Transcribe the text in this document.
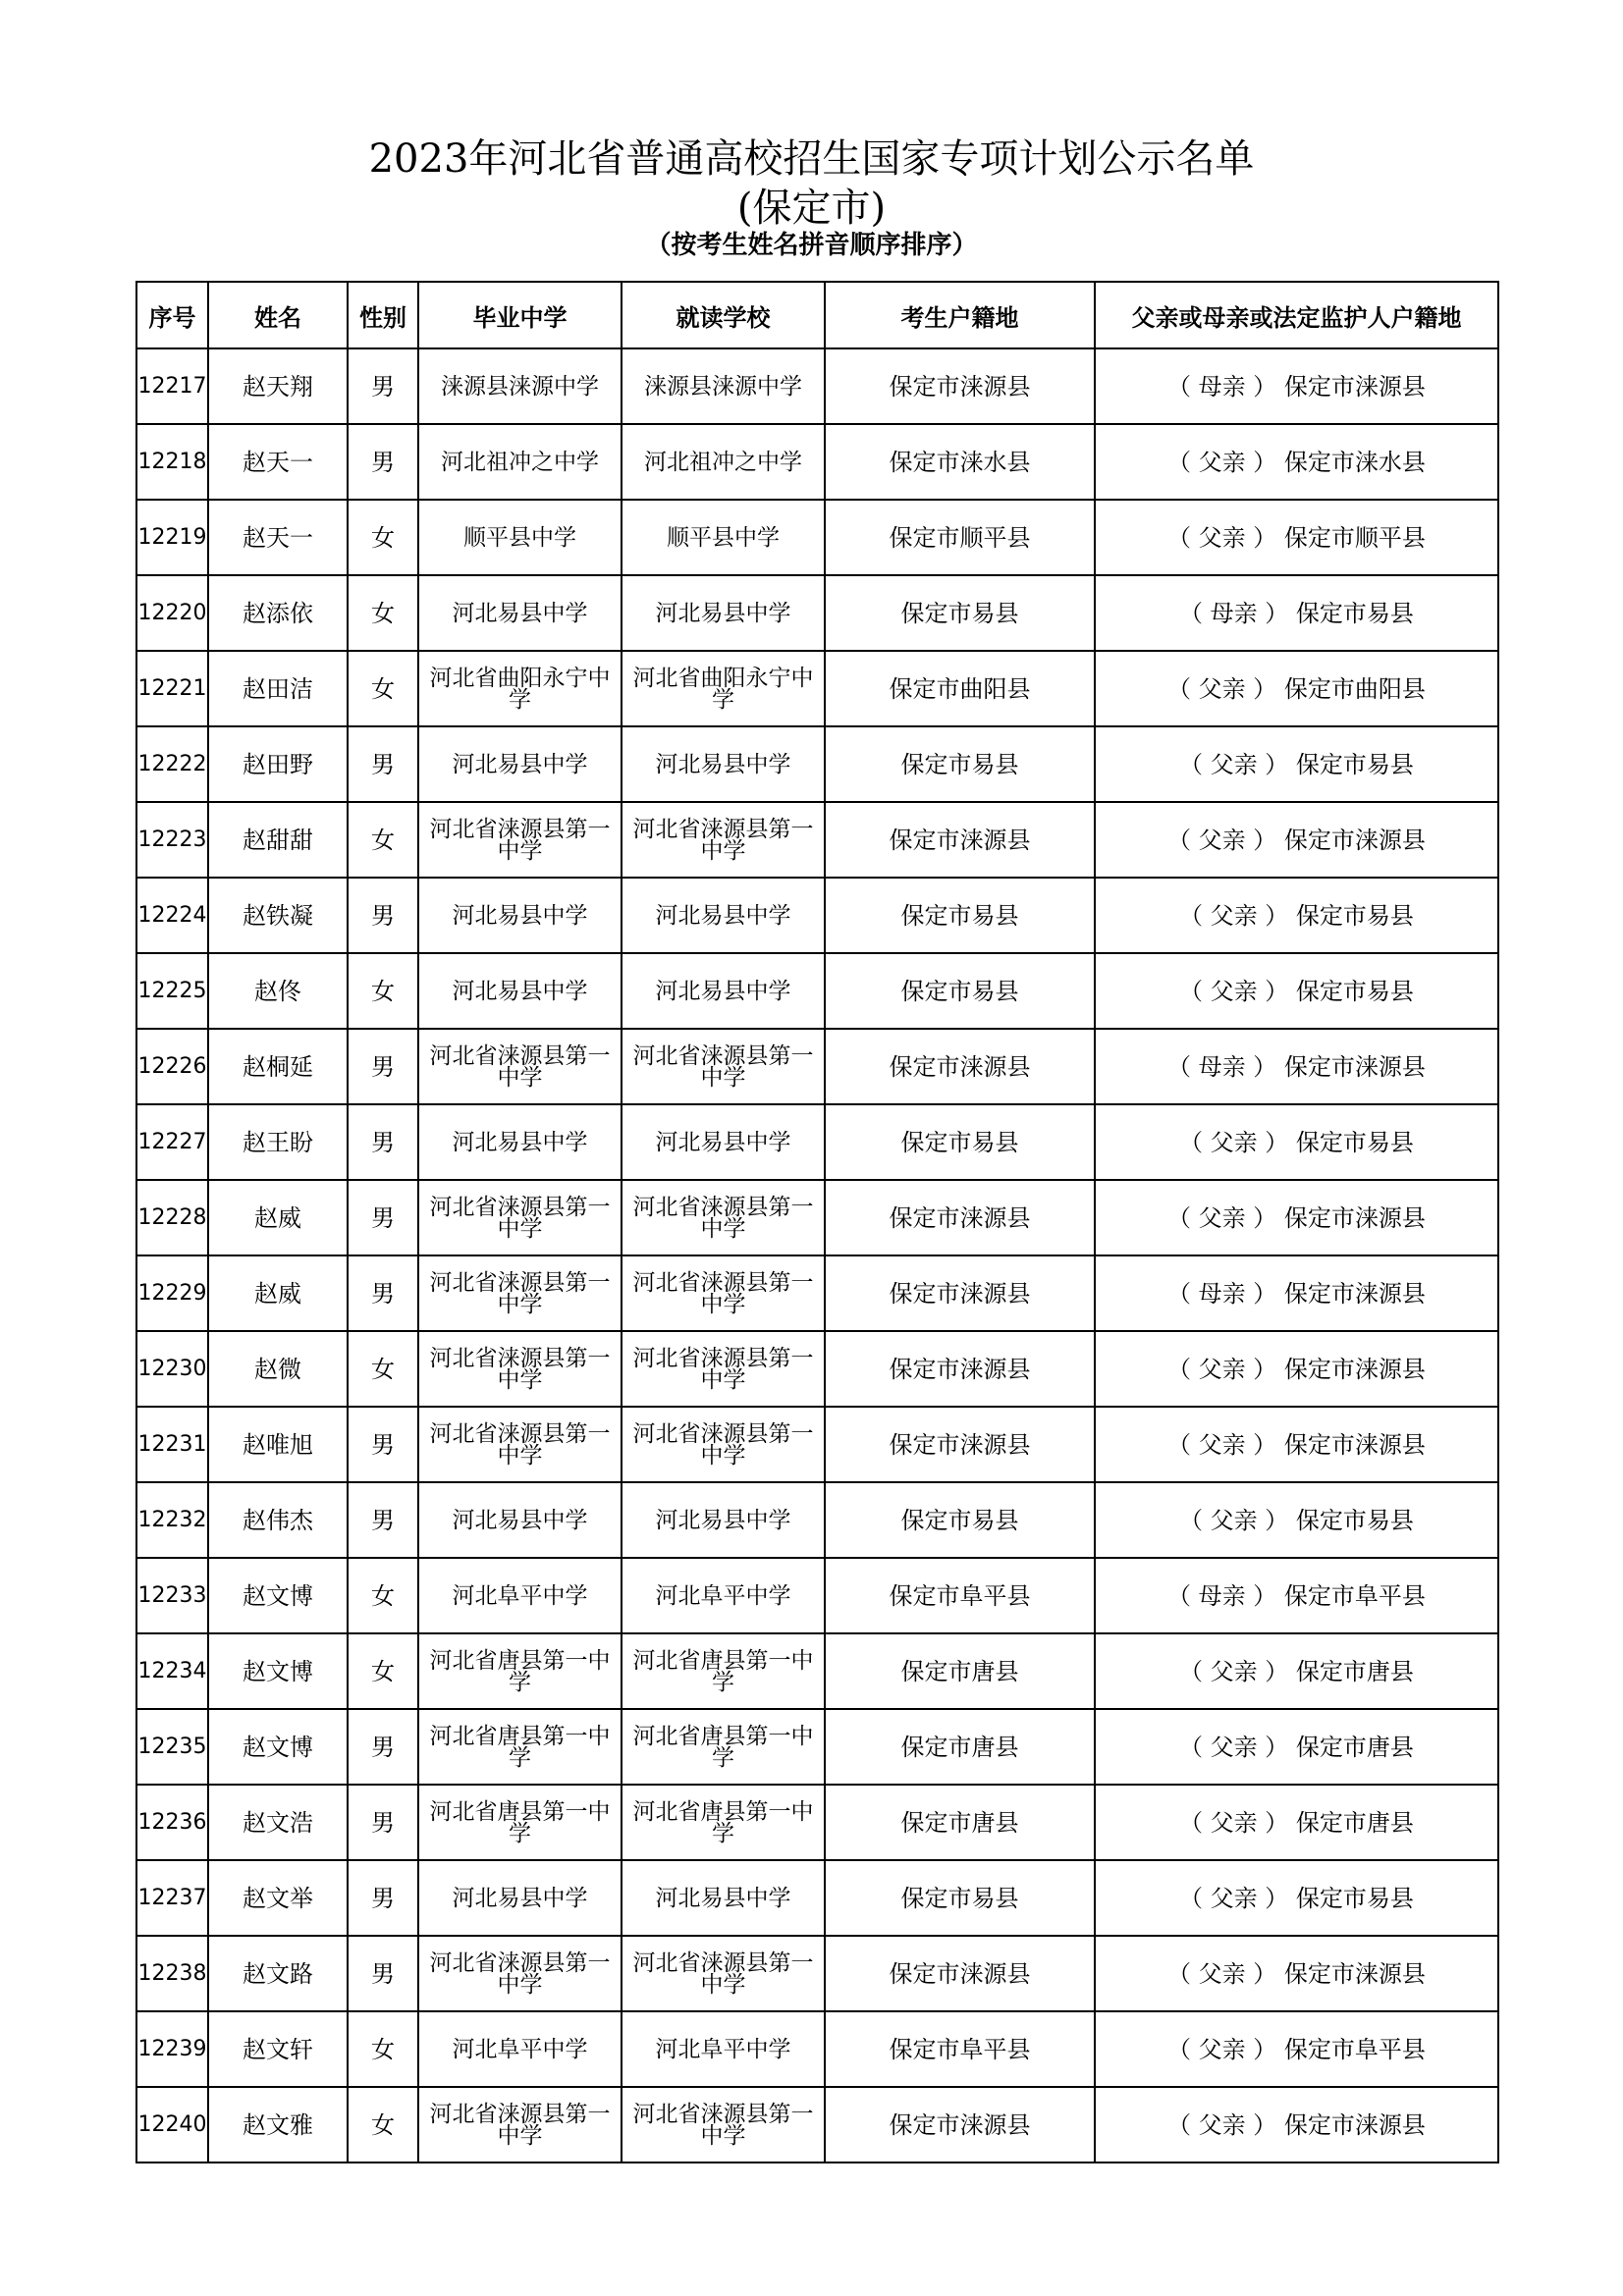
2023年河北省普通高校招生国家专项计划公示名单
(保定市)
（按考生姓名拼音顺序排序）
序号	姓名	性别	毕业中学	就读学校	考生户籍地	父亲或母亲或法定监护人户籍地
12217	赵天翔	男	涞源县涞源中学	涞源县涞源中学	保定市涞源县	（ 母亲 ） 保定市涞源县
12218	赵天一	男	河北祖冲之中学	河北祖冲之中学	保定市涞水县	（ 父亲 ） 保定市涞水县
12219	赵天一	女	顺平县中学	顺平县中学	保定市顺平县	（ 父亲 ） 保定市顺平县
12220	赵添依	女	河北易县中学	河北易县中学	保定市易县	（ 母亲 ） 保定市易县
12221	赵田洁	女	河北省曲阳永宁中学	河北省曲阳永宁中学	保定市曲阳县	（ 父亲 ） 保定市曲阳县
12222	赵田野	男	河北易县中学	河北易县中学	保定市易县	（ 父亲 ） 保定市易县
12223	赵甜甜	女	河北省涞源县第一中学	河北省涞源县第一中学	保定市涞源县	（ 父亲 ） 保定市涞源县
12224	赵铁凝	男	河北易县中学	河北易县中学	保定市易县	（ 父亲 ） 保定市易县
12225	赵佟	女	河北易县中学	河北易县中学	保定市易县	（ 父亲 ） 保定市易县
12226	赵桐延	男	河北省涞源县第一中学	河北省涞源县第一中学	保定市涞源县	（ 母亲 ） 保定市涞源县
12227	赵王盼	男	河北易县中学	河北易县中学	保定市易县	（ 父亲 ） 保定市易县
12228	赵威	男	河北省涞源县第一中学	河北省涞源县第一中学	保定市涞源县	（ 父亲 ） 保定市涞源县
12229	赵威	男	河北省涞源县第一中学	河北省涞源县第一中学	保定市涞源县	（ 母亲 ） 保定市涞源县
12230	赵微	女	河北省涞源县第一中学	河北省涞源县第一中学	保定市涞源县	（ 父亲 ） 保定市涞源县
12231	赵唯旭	男	河北省涞源县第一中学	河北省涞源县第一中学	保定市涞源县	（ 父亲 ） 保定市涞源县
12232	赵伟杰	男	河北易县中学	河北易县中学	保定市易县	（ 父亲 ） 保定市易县
12233	赵文博	女	河北阜平中学	河北阜平中学	保定市阜平县	（ 母亲 ） 保定市阜平县
12234	赵文博	女	河北省唐县第一中学	河北省唐县第一中学	保定市唐县	（ 父亲 ） 保定市唐县
12235	赵文博	男	河北省唐县第一中学	河北省唐县第一中学	保定市唐县	（ 父亲 ） 保定市唐县
12236	赵文浩	男	河北省唐县第一中学	河北省唐县第一中学	保定市唐县	（ 父亲 ） 保定市唐县
12237	赵文举	男	河北易县中学	河北易县中学	保定市易县	（ 父亲 ） 保定市易县
12238	赵文路	男	河北省涞源县第一中学	河北省涞源县第一中学	保定市涞源县	（ 父亲 ） 保定市涞源县
12239	赵文轩	女	河北阜平中学	河北阜平中学	保定市阜平县	（ 父亲 ） 保定市阜平县
12240	赵文雅	女	河北省涞源县第一中学	河北省涞源县第一中学	保定市涞源县	（ 父亲 ） 保定市涞源县
